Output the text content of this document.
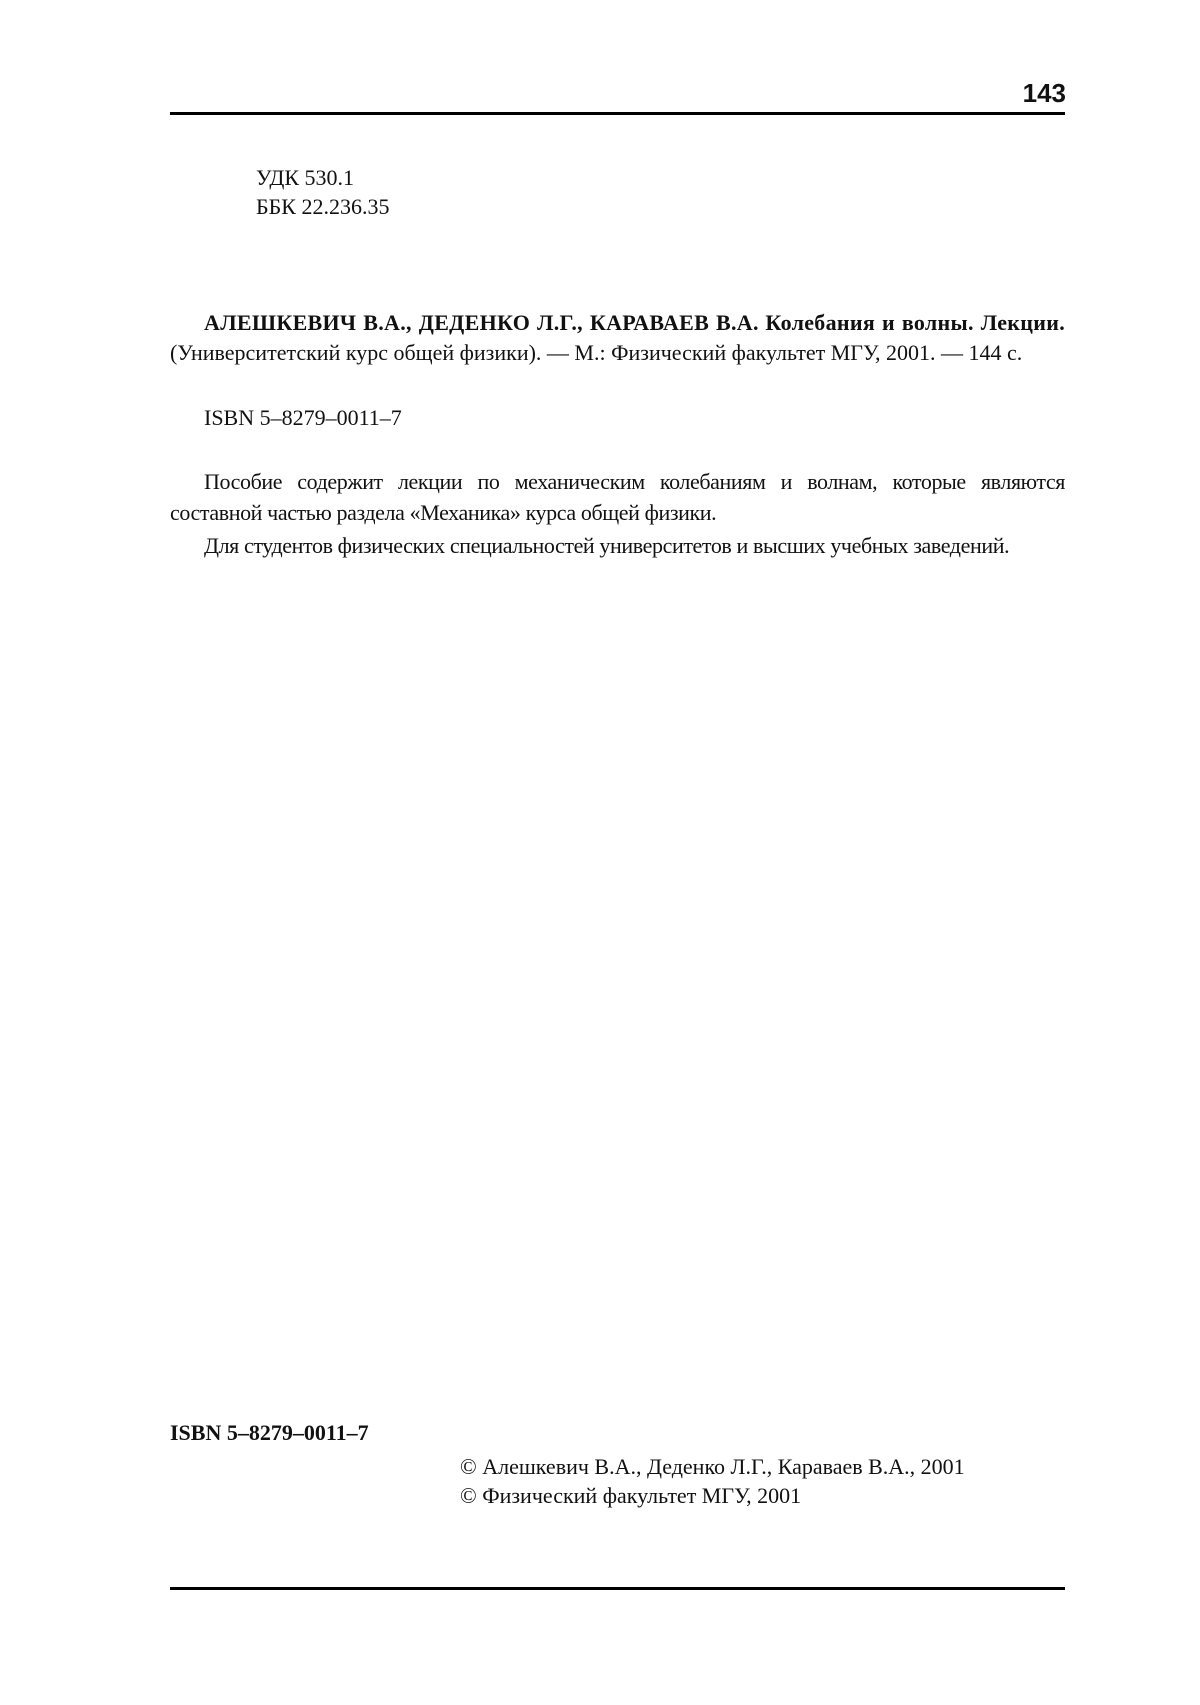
143
УДК 530.1
ББК 22.236.35
АЛЕШКЕВИЧ В.А., ДЕДЕНКО Л.Г., КАРАВАЕВ В.А. Колебания и волны. Лекции. (Университетский курс общей физики). — М.: Физический факультет МГУ, 2001. — 144 с.
ISBN 5–8279–0011–7

Пособие содержит лекции по механическим колебаниям и волнам, которые являются составной частью раздела «Механика» курса общей физики.

Для студентов физических специальностей университетов и высших учебных заведений.

ISBN 5–8279–0011–7
© Алешкевич В.А., Деденко Л.Г., Караваев В.А., 2001
© Физический факультет МГУ, 2001
